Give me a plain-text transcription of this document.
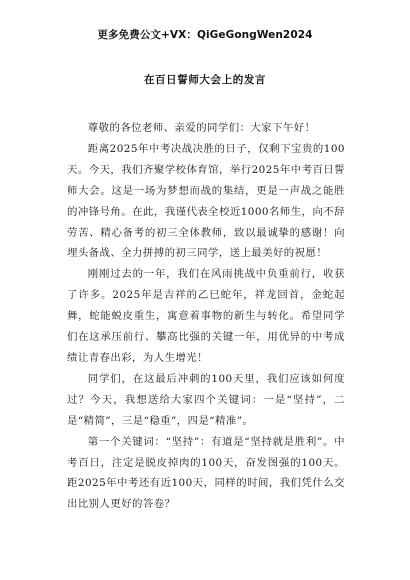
更多免费公文+VX：QiGeGongWen2024
在百日誓师大会上的发言

尊敬的各位老师、亲爱的同学们：大家下午好！

距离2025年中考决战决胜的日子，仅剩下宝贵的100天。今天，我们齐聚学校体育馆，举行2025年中考百日誓师大会。这是一场为梦想而战的集结，更是一声战之能胜的冲锋号角。在此，我谨代表全校近1000名师生，向不辞劳苦、精心备考的初三全体教师，致以最诚挚的感谢！向埋头备战、全力拼搏的初三同学，送上最美好的祝愿！

刚刚过去的一年，我们在风雨挑战中负重前行，收获了许多。2025年是吉祥的乙巳蛇年，祥龙回首，金蛇起舞，蛇能蜕皮重生，寓意着事物的新生与转化。希望同学们在这承压前行、攀高比强的关键一年，用优异的中考成绩让青春出彩，为人生增光！

同学们，在这最后冲刺的100天里，我们应该如何度过？今天，我想送给大家四个关键词：一是“坚持”，二是“精简”，三是“稳重”，四是“精准”。

第一个关键词：“坚持”：有道是“坚持就是胜利”。中考百日，注定是脱皮掉肉的100天，奋发图强的100天。距2025年中考还有近100天，同样的时间，我们凭什么交出比别人更好的答卷？
